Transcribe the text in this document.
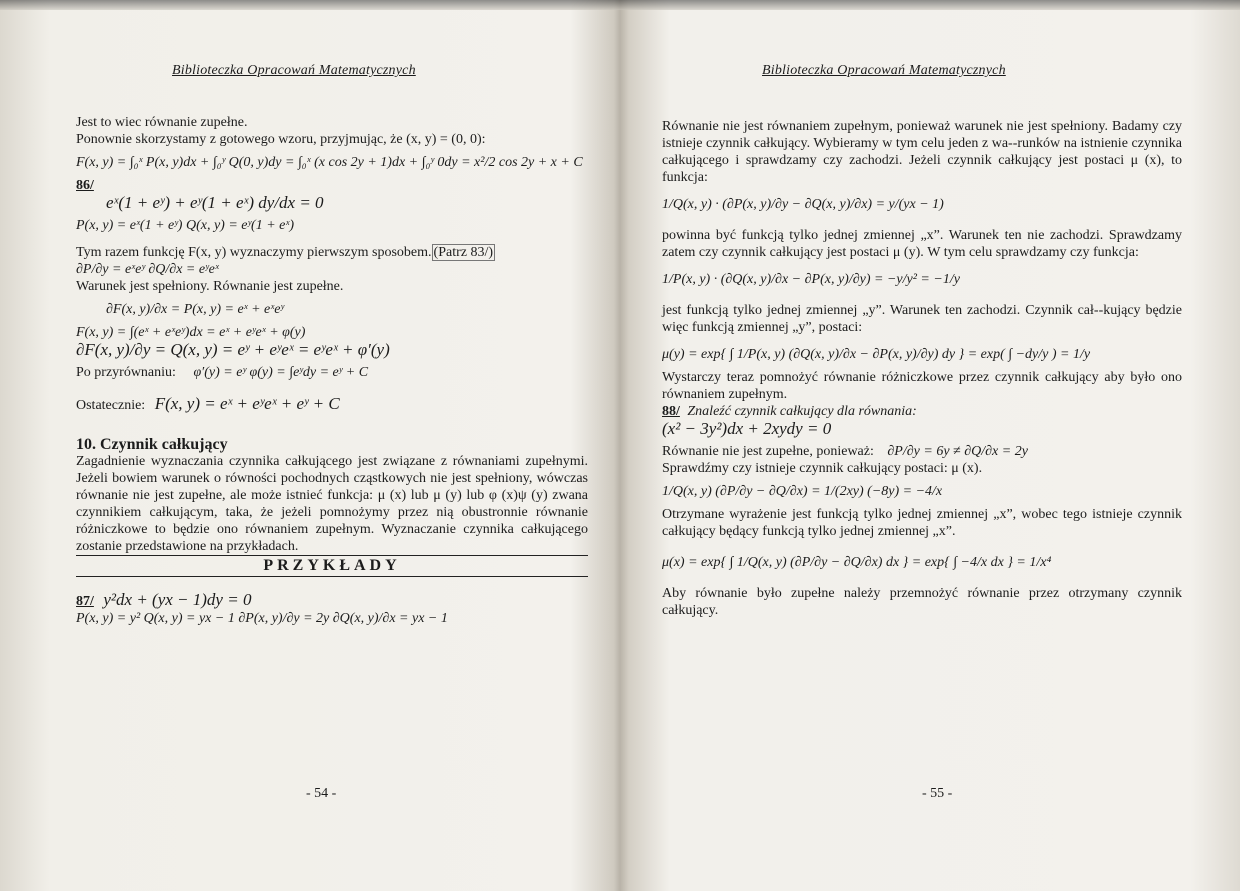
Biblioteczka Opracowań Matematycznych
Jest to wiec równanie zupełne.
Ponownie skorzystamy z gotowego wzoru, przyjmując, że (x, y) = (0, 0):
F(x, y) = ∫₀ˣ P(x, y)dx + ∫₀ʸ Q(0, y)dy = ∫₀ˣ (x cos 2y + 1)dx + ∫₀ʸ 0dy = x²/2 cos 2y + x + C
86/
eˣ(1 + eʸ) + eʸ(1 + eˣ) dy/dx = 0
P(x, y) = eˣ(1 + eʸ) Q(x, y) = eʸ(1 + eˣ)
Tym razem funkcję F(x, y) wyznaczymy pierwszym sposobem. (Patrz 83/)
∂P/∂y = eˣeʸ ∂Q/∂x = eʸeˣ
Warunek jest spełniony. Równanie jest zupełne.
∂F(x, y)/∂x = P(x, y) = eˣ + eˣeʸ
F(x, y) = ∫(eˣ + eˣeʸ)dx = eˣ + eʸeˣ + φ(y)
∂F(x, y)/∂y = Q(x, y) = eʸ + eʸeˣ = eʸeˣ + φ′(y)
Po przyrównaniu: φ′(y) = eʸ φ(y) = ∫eʸdy = eʸ + C
Ostatecznie: F(x, y) = eˣ + eʸeˣ + eʸ + C
10. Czynnik całkujący
Zagadnienie wyznaczania czynnika całkującego jest związane z równaniami zupełnymi. Jeżeli bowiem warunek o równości pochodnych cząstkowych nie jest spełniony, wówczas równanie nie jest zupełne, ale może istnieć funkcja: μ (x) lub μ (y) lub φ (x)ψ (y) zwana czynnikiem całkującym, taka, że jeżeli pomnożymy przez nią obustronnie równanie różniczkowe to będzie ono równaniem zupełnym. Wyznaczanie czynnika całkującego zostanie przedstawione na przykładach.
PRZYKŁADY
87/ y²dx + (yx − 1)dy = 0
P(x, y) = y² Q(x, y) = yx − 1 ∂P(x, y)/∂y = 2y ∂Q(x, y)/∂x = yx − 1
- 54 -
Biblioteczka Opracowań Matematycznych
Równanie nie jest równaniem zupełnym, ponieważ warunek nie jest spełniony. Badamy czy istnieje czynnik całkujący. Wybieramy w tym celu jeden z wa--runków na istnienie czynnika całkującego i sprawdzamy czy zachodzi. Jeżeli czynnik całkujący jest postaci μ (x), to funkcja:
1/Q(x, y) · (∂P(x, y)/∂y − ∂Q(x, y)/∂x) = y/(yx − 1)
powinna być funkcją tylko jednej zmiennej „x”. Warunek ten nie zachodzi. Sprawdzamy zatem czy czynnik całkujący jest postaci μ (y). W tym celu sprawdzamy czy funkcja:
1/P(x, y) · (∂Q(x, y)/∂x − ∂P(x, y)/∂y) = −y/y² = −1/y
jest funkcją tylko jednej zmiennej „y”. Warunek ten zachodzi. Czynnik cał--kujący będzie więc funkcją zmiennej „y”, postaci:
μ(y) = exp{ ∫ 1/P(x, y) (∂Q(x, y)/∂x − ∂P(x, y)/∂y) dy } = exp( ∫ −dy/y ) = 1/y
Wystarczy teraz pomnożyć równanie różniczkowe przez czynnik całkujący aby było ono równaniem zupełnym.
88/ Znaleźć czynnik całkujący dla równania:
(x² − 3y²)dx + 2xydy = 0
Równanie nie jest zupełne, ponieważ: ∂P/∂y = 6y ≠ ∂Q/∂x = 2y
Sprawdźmy czy istnieje czynnik całkujący postaci: μ (x).
1/Q(x, y) (∂P/∂y − ∂Q/∂x) = 1/(2xy) (−8y) = −4/x
Otrzymane wyrażenie jest funkcją tylko jednej zmiennej „x”, wobec tego istnieje czynnik całkujący będący funkcją tylko jednej zmiennej „x”.
μ(x) = exp{ ∫ 1/Q(x, y) (∂P/∂y − ∂Q/∂x) dx } = exp{ ∫ −4/x dx } = 1/x⁴
Aby równanie było zupełne należy przemnożyć równanie przez otrzymany czynnik całkujący.
- 55 -
